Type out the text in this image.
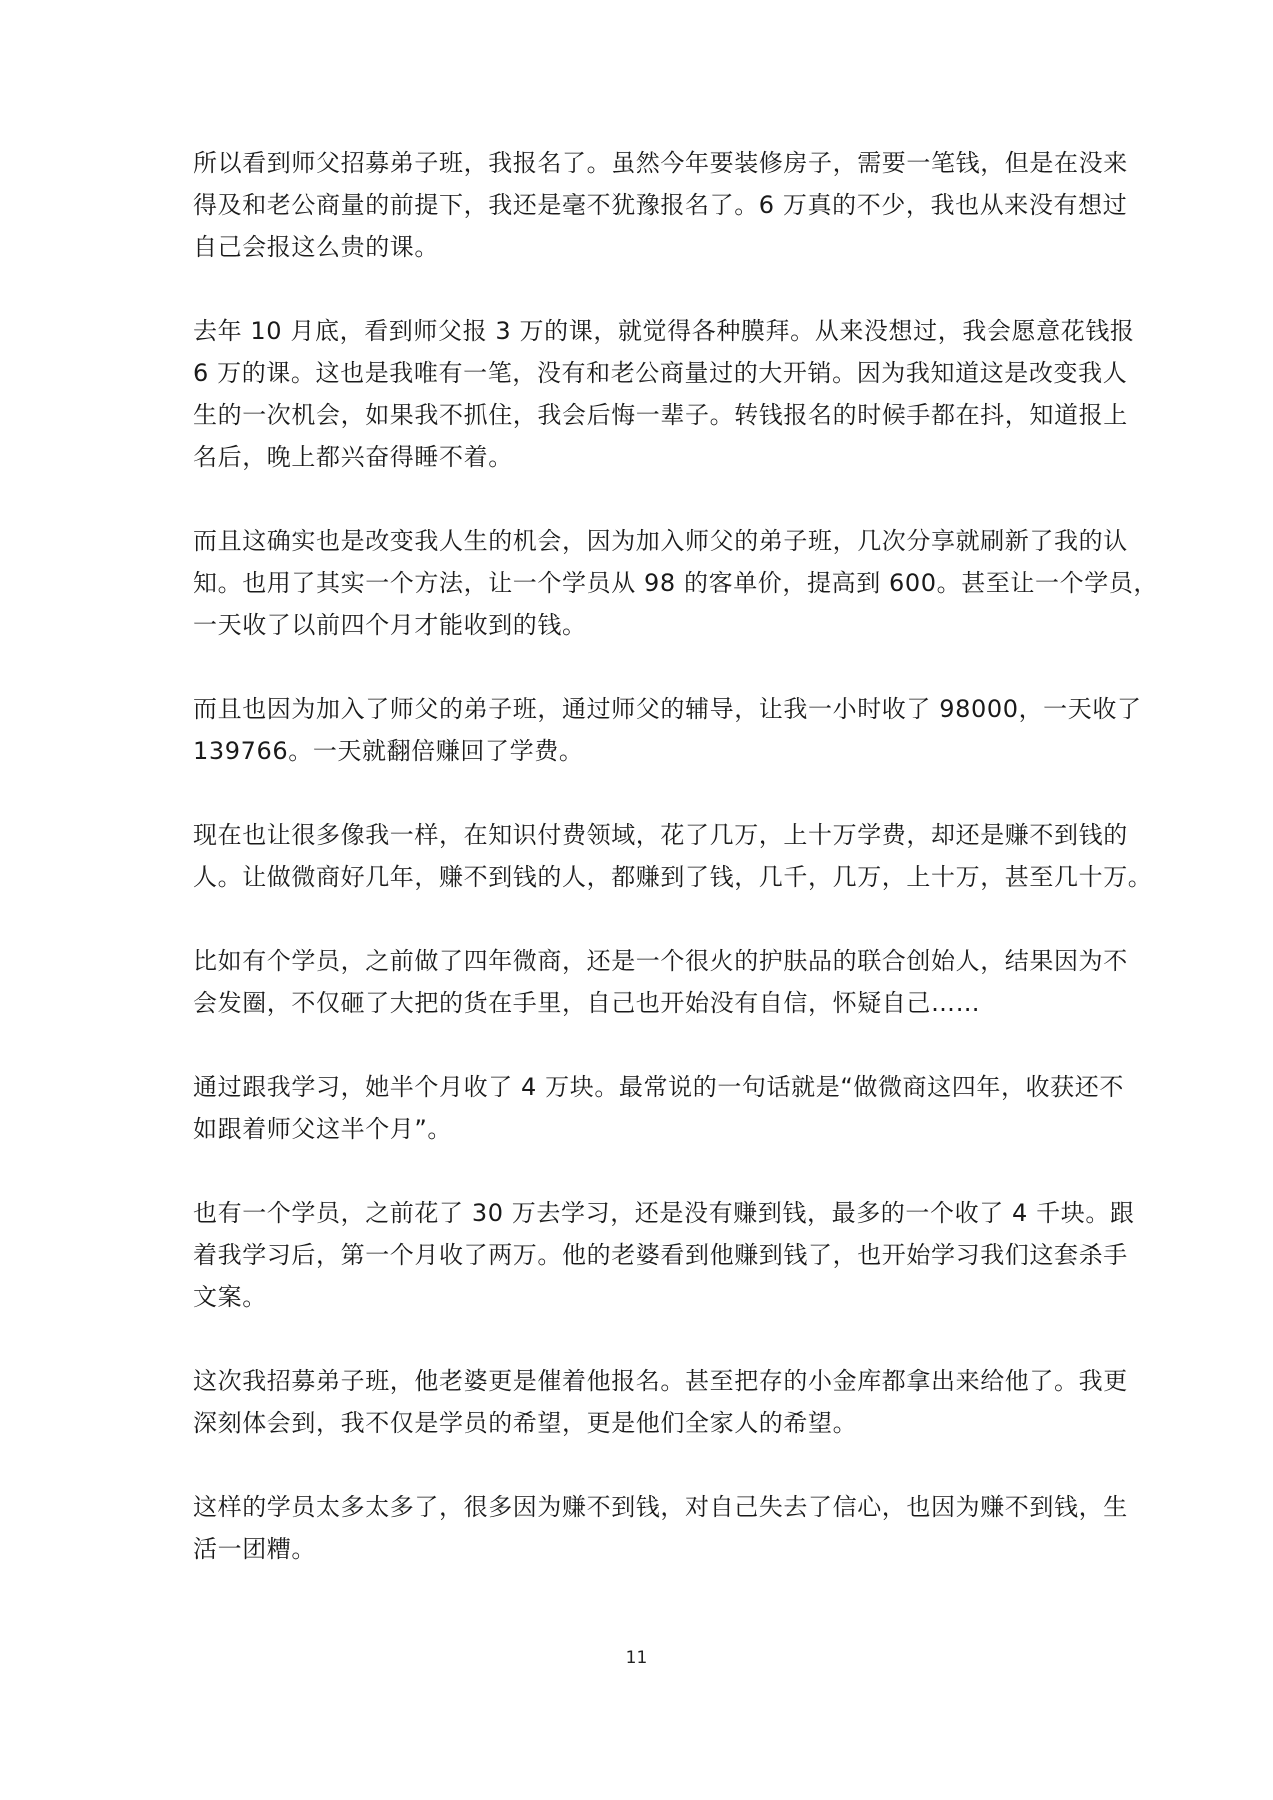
所以看到师父招募弟子班，我报名了。虽然今年要装修房子，需要一笔钱，但是在没来
得及和老公商量的前提下，我还是毫不犹豫报名了。6 万真的不少，我也从来没有想过
自己会报这么贵的课。

去年 10 月底，看到师父报 3 万的课，就觉得各种膜拜。从来没想过，我会愿意花钱报
6 万的课。这也是我唯有一笔，没有和老公商量过的大开销。因为我知道这是改变我人
生的一次机会，如果我不抓住，我会后悔一辈子。转钱报名的时候手都在抖，知道报上
名后，晚上都兴奋得睡不着。

而且这确实也是改变我人生的机会，因为加入师父的弟子班，几次分享就刷新了我的认
知。也用了其实一个方法，让一个学员从 98 的客单价，提高到 600。甚至让一个学员，
一天收了以前四个月才能收到的钱。

而且也因为加入了师父的弟子班，通过师父的辅导，让我一小时收了 98000，一天收了
139766。一天就翻倍赚回了学费。

现在也让很多像我一样，在知识付费领域，花了几万，上十万学费，却还是赚不到钱的
人。让做微商好几年，赚不到钱的人，都赚到了钱，几千，几万，上十万，甚至几十万。

比如有个学员，之前做了四年微商，还是一个很火的护肤品的联合创始人，结果因为不
会发圈，不仅砸了大把的货在手里，自己也开始没有自信，怀疑自己……

通过跟我学习，她半个月收了 4 万块。最常说的一句话就是“做微商这四年，收获还不
如跟着师父这半个月”。

也有一个学员，之前花了 30 万去学习，还是没有赚到钱，最多的一个收了 4 千块。跟
着我学习后，第一个月收了两万。他的老婆看到他赚到钱了，也开始学习我们这套杀手
文案。

这次我招募弟子班，他老婆更是催着他报名。甚至把存的小金库都拿出来给他了。我更
深刻体会到，我不仅是学员的希望，更是他们全家人的希望。

这样的学员太多太多了，很多因为赚不到钱，对自己失去了信心，也因为赚不到钱，生
活一团糟。

11
